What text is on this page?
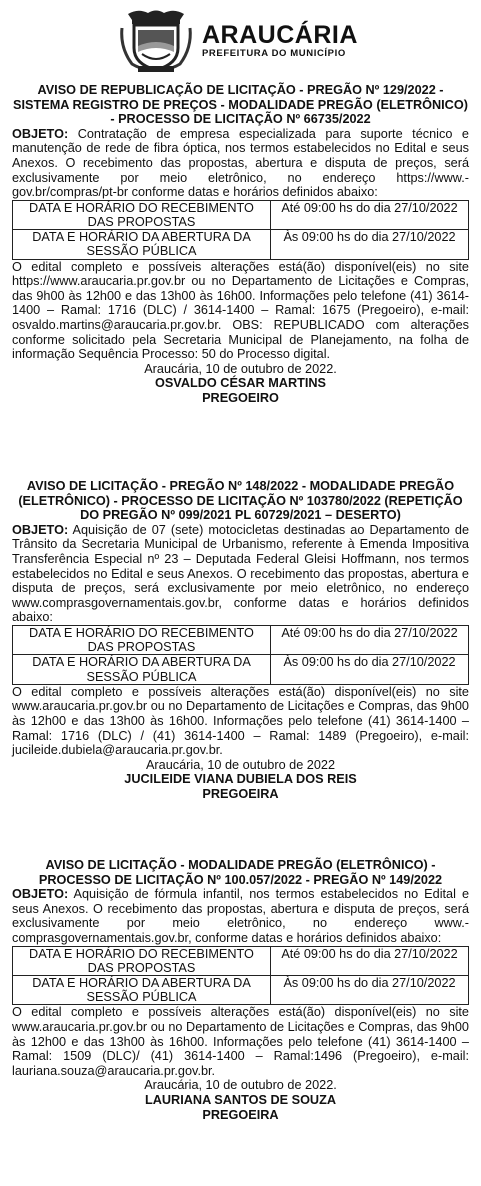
ARAUCÁRIA
PREFEITURA DO MUNICÍPIO
AVISO DE REPUBLICAÇÃO DE LICITAÇÃO - PREGÃO Nº 129/2022 - SISTEMA REGISTRO DE PREÇOS - MODALIDADE PREGÃO (ELETRÔNICO) - PROCESSO DE LICITAÇÃO Nº 66735/2022
OBJETO: Contratação de empresa especializada para suporte técnico e manutenção de rede de fibra óptica, nos termos estabelecidos no Edital e seus Anexos. O recebimento das propostas, abertura e disputa de preços, será exclusivamente por meio eletrônico, no endereço https://www.-gov.br/compras/pt-br conforme datas e horários definidos abaixo:
DATA E HORÁRIO DO RECEBIMENTO DAS PROPOSTAS	Até 09:00 hs do dia 27/10/2022
DATA E HORÁRIO DA ABERTURA DA SESSÃO PÚBLICA	Às 09:00 hs do dia 27/10/2022
O edital completo e possíveis alterações está(ão) disponível(eis) no site https://www.araucaria.pr.gov.br ou no Departamento de Licitações e Compras, das 9h00 às 12h00 e das 13h00 às 16h00. Informações pelo telefone (41) 3614-1400 – Ramal: 1716 (DLC) / 3614-1400 – Ramal: 1675 (Pregoeiro), e-mail: osvaldo.martins@araucaria.pr.gov.br. OBS: REPUBLICADO com alterações conforme solicitado pela Secretaria Municipal de Planejamento, na folha de informação Sequência Processo: 50 do Processo digital.
Araucária, 10 de outubro de 2022.
OSVALDO CÉSAR MARTINS
PREGOEIRO
AVISO DE LICITAÇÃO - PREGÃO Nº 148/2022 - MODALIDADE PREGÃO (ELETRÔNICO) - PROCESSO DE LICITAÇÃO Nº 103780/2022 (REPETIÇÃO DO PREGÃO Nº 099/2021 PL 60729/2021 – DESERTO)
OBJETO: Aquisição de 07 (sete) motocicletas destinadas ao Departamento de Trânsito da Secretaria Municipal de Urbanismo, referente à Emenda Impositiva Transferência Especial nº 23 – Deputada Federal Gleisi Hoffmann, nos termos estabelecidos no Edital e seus Anexos. O recebimento das propostas, abertura e disputa de preços, será exclusivamente por meio eletrônico, no endereço www.comprasgovernamentais.gov.br, conforme datas e horários definidos abaixo:
DATA E HORÁRIO DO RECEBIMENTO DAS PROPOSTAS	Até 09:00 hs do dia 27/10/2022
DATA E HORÁRIO DA ABERTURA DA SESSÃO PÚBLICA	Às 09:00 hs do dia 27/10/2022
O edital completo e possíveis alterações está(ão) disponível(eis) no site www.araucaria.pr.gov.br ou no Departamento de Licitações e Compras, das 9h00 às 12h00 e das 13h00 às 16h00. Informações pelo telefone (41) 3614-1400 – Ramal: 1716 (DLC) / (41) 3614-1400 – Ramal: 1489 (Pregoeiro), e-mail: jucileide.dubiela@araucaria.pr.gov.br.
Araucária, 10 de outubro de 2022
JUCILEIDE VIANA DUBIELA DOS REIS
PREGOEIRA
AVISO DE LICITAÇÃO - MODALIDADE PREGÃO (ELETRÔNICO) - PROCESSO DE LICITAÇÃO Nº 100.057/2022 - PREGÃO Nº 149/2022
OBJETO: Aquisição de fórmula infantil, nos termos estabelecidos no Edital e seus Anexos. O recebimento das propostas, abertura e disputa de preços, será exclusivamente por meio eletrônico, no endereço www.-comprasgovernamentais.gov.br, conforme datas e horários definidos abaixo:
DATA E HORÁRIO DO RECEBIMENTO DAS PROPOSTAS	Até 09:00 hs do dia 27/10/2022
DATA E HORÁRIO DA ABERTURA DA SESSÃO PÚBLICA	Às 09:00 hs do dia 27/10/2022
O edital completo e possíveis alterações está(ão) disponível(eis) no site www.araucaria.pr.gov.br ou no Departamento de Licitações e Compras, das 9h00 às 12h00 e das 13h00 às 16h00. Informações pelo telefone (41) 3614-1400 – Ramal: 1509 (DLC)/ (41) 3614-1400 – Ramal:1496 (Pregoeiro), e-mail: lauriana.souza@araucaria.pr.gov.br.
Araucária, 10 de outubro de 2022.
LAURIANA SANTOS DE SOUZA
PREGOEIRA
